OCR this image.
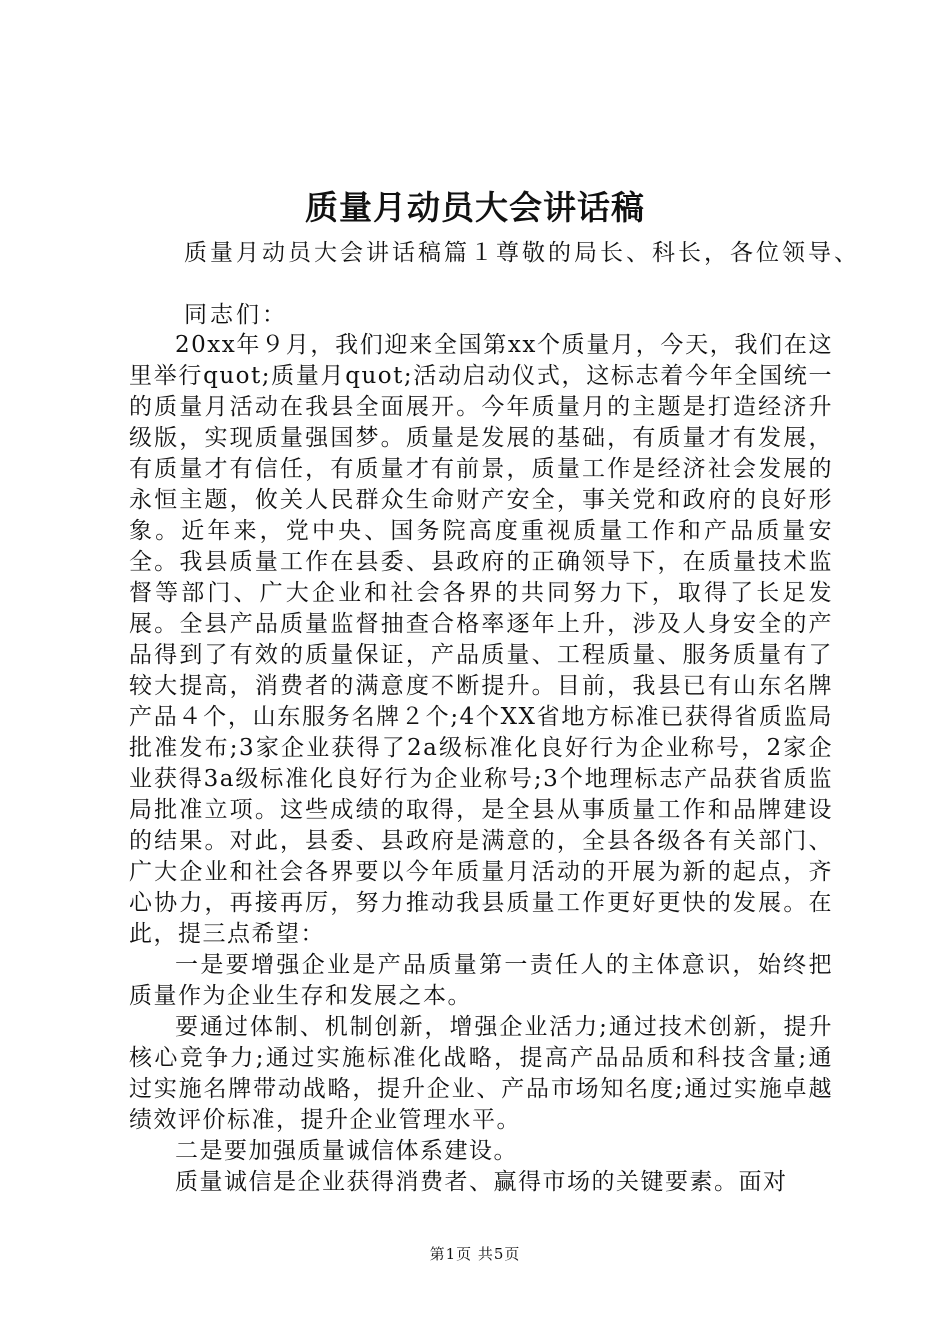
质量月动员大会讲话稿

质量月动员大会讲话稿篇１尊敬的局长、科长，各位领导、

同志们：

20xx年９月，我们迎来全国第xx个质量月，今天，我们在这里举行quot;质量月quot;活动启动仪式，这标志着今年全国统一的质量月活动在我县全面展开。今年质量月的主题是打造经济升级版，实现质量强国梦。质量是发展的基础，有质量才有发展，有质量才有信任，有质量才有前景，质量工作是经济社会发展的永恒主题，攸关人民群众生命财产安全，事关党和政府的良好形象。近年来，党中央、国务院高度重视质量工作和产品质量安全。我县质量工作在县委、县政府的正确领导下，在质量技术监督等部门、广大企业和社会各界的共同努力下，取得了长足发展。全县产品质量监督抽查合格率逐年上升，涉及人身安全的产品得到了有效的质量保证，产品质量、工程质量、服务质量有了较大提高，消费者的满意度不断提升。目前，我县已有山东名牌产品４个，山东服务名牌２个;4个XX省地方标准已获得省质监局批准发布;3家企业获得了2a级标准化良好行为企业称号，2家企业获得3a级标准化良好行为企业称号;3个地理标志产品获省质监局批准立项。这些成绩的取得，是全县从事质量工作和品牌建设的结果。对此，县委、县政府是满意的，全县各级各有关部门、广大企业和社会各界要以今年质量月活动的开展为新的起点，齐心协力，再接再厉，努力推动我县质量工作更好更快的发展。在此，提三点希望：

一是要增强企业是产品质量第一责任人的主体意识，始终把质量作为企业生存和发展之本。

要通过体制、机制创新，增强企业活力;通过技术创新，提升核心竞争力;通过实施标准化战略，提高产品品质和科技含量;通过实施名牌带动战略，提升企业、产品市场知名度;通过实施卓越绩效评价标准，提升企业管理水平。

二是要加强质量诚信体系建设。

质量诚信是企业获得消费者、赢得市场的关键要素。面对

第1页 共5页
